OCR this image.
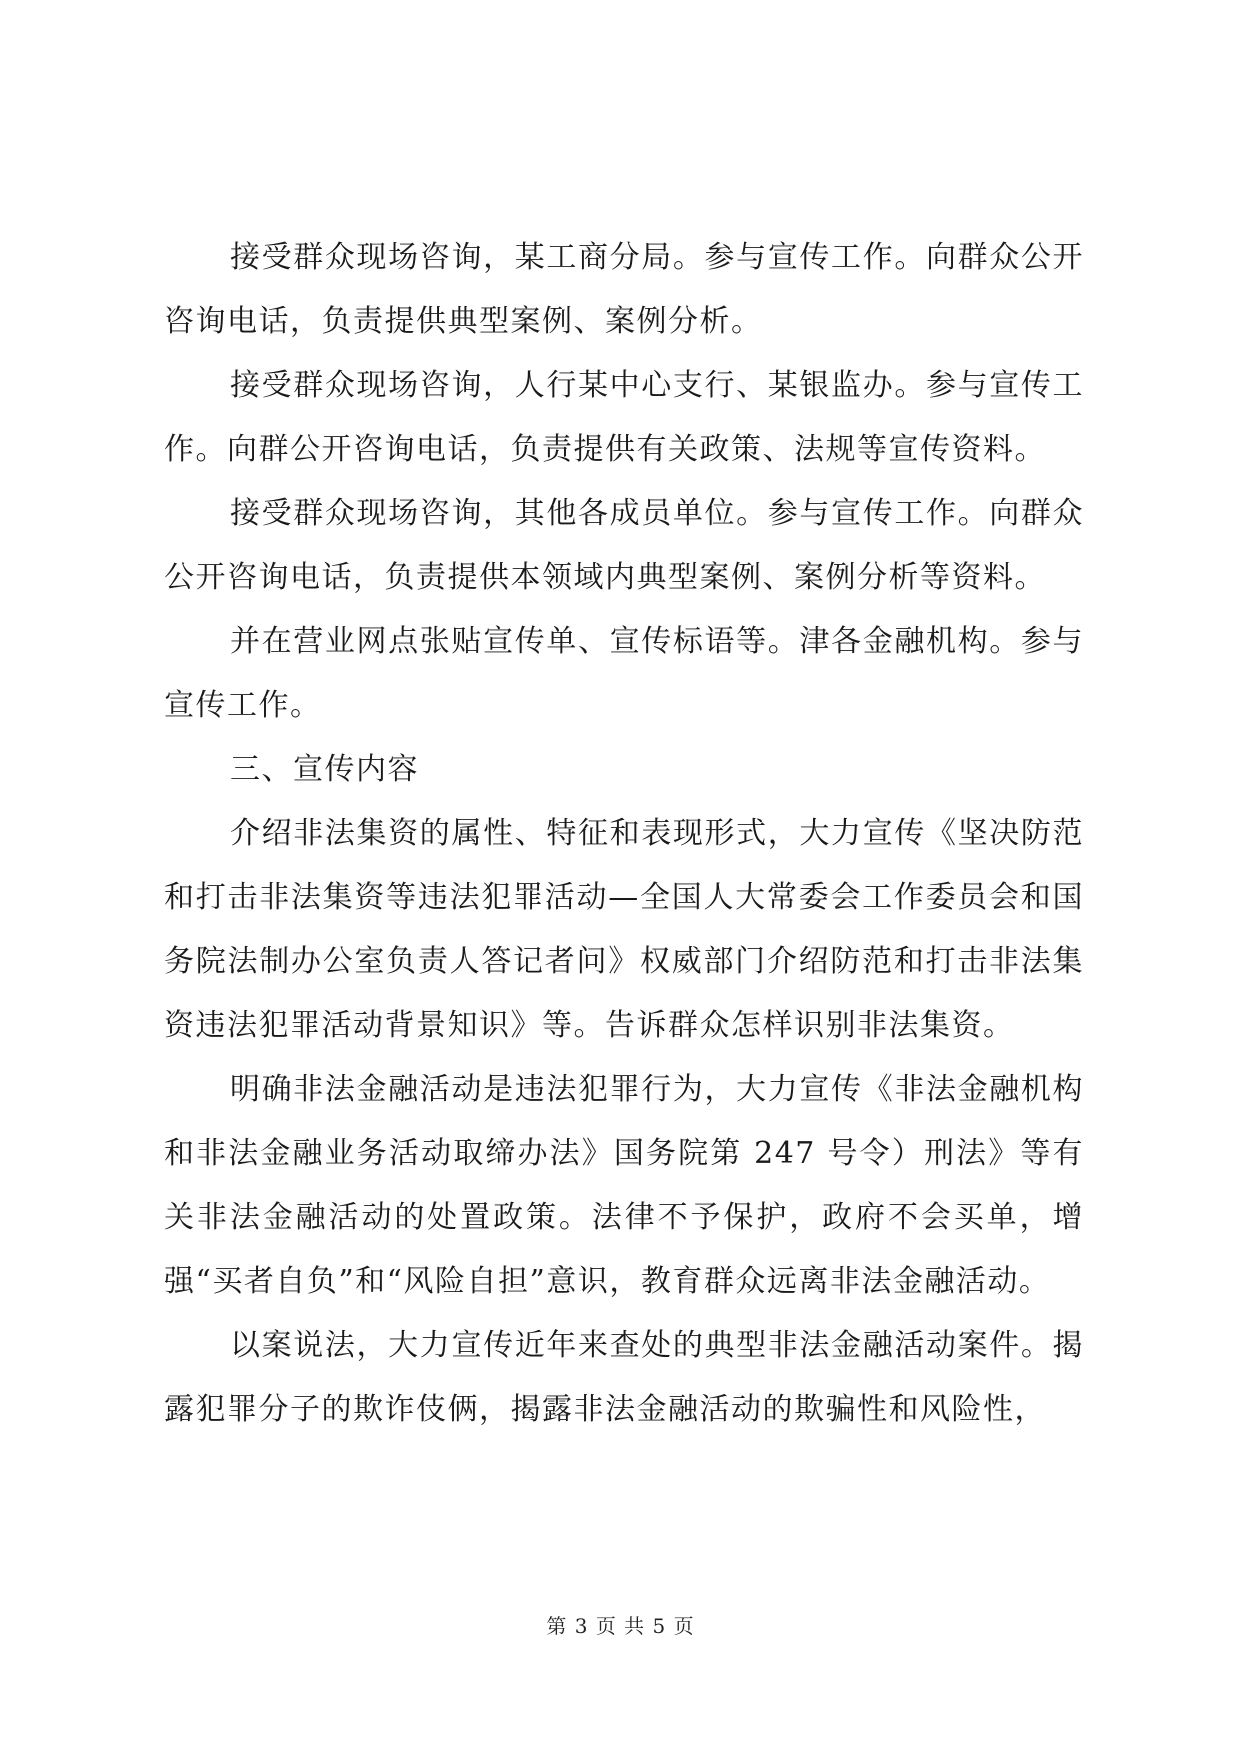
接受群众现场咨询，某工商分局。参与宣传工作。向群众公开咨询电话，负责提供典型案例、案例分析。

接受群众现场咨询，人行某中心支行、某银监办。参与宣传工作。向群公开咨询电话，负责提供有关政策、法规等宣传资料。

接受群众现场咨询，其他各成员单位。参与宣传工作。向群众公开咨询电话，负责提供本领域内典型案例、案例分析等资料。

并在营业网点张贴宣传单、宣传标语等。津各金融机构。参与宣传工作。

三、宣传内容

介绍非法集资的属性、特征和表现形式，大力宣传《坚决防范和打击非法集资等违法犯罪活动—全国人大常委会工作委员会和国务院法制办公室负责人答记者问》权威部门介绍防范和打击非法集资违法犯罪活动背景知识》等。告诉群众怎样识别非法集资。

明确非法金融活动是违法犯罪行为，大力宣传《非法金融机构和非法金融业务活动取缔办法》国务院第 247 号令）刑法》等有关非法金融活动的处置政策。法律不予保护，政府不会买单，增强“买者自负”和“风险自担”意识，教育群众远离非法金融活动。

以案说法，大力宣传近年来查处的典型非法金融活动案件。揭露犯罪分子的欺诈伎俩，揭露非法金融活动的欺骗性和风险性，

第 3 页 共 5 页
